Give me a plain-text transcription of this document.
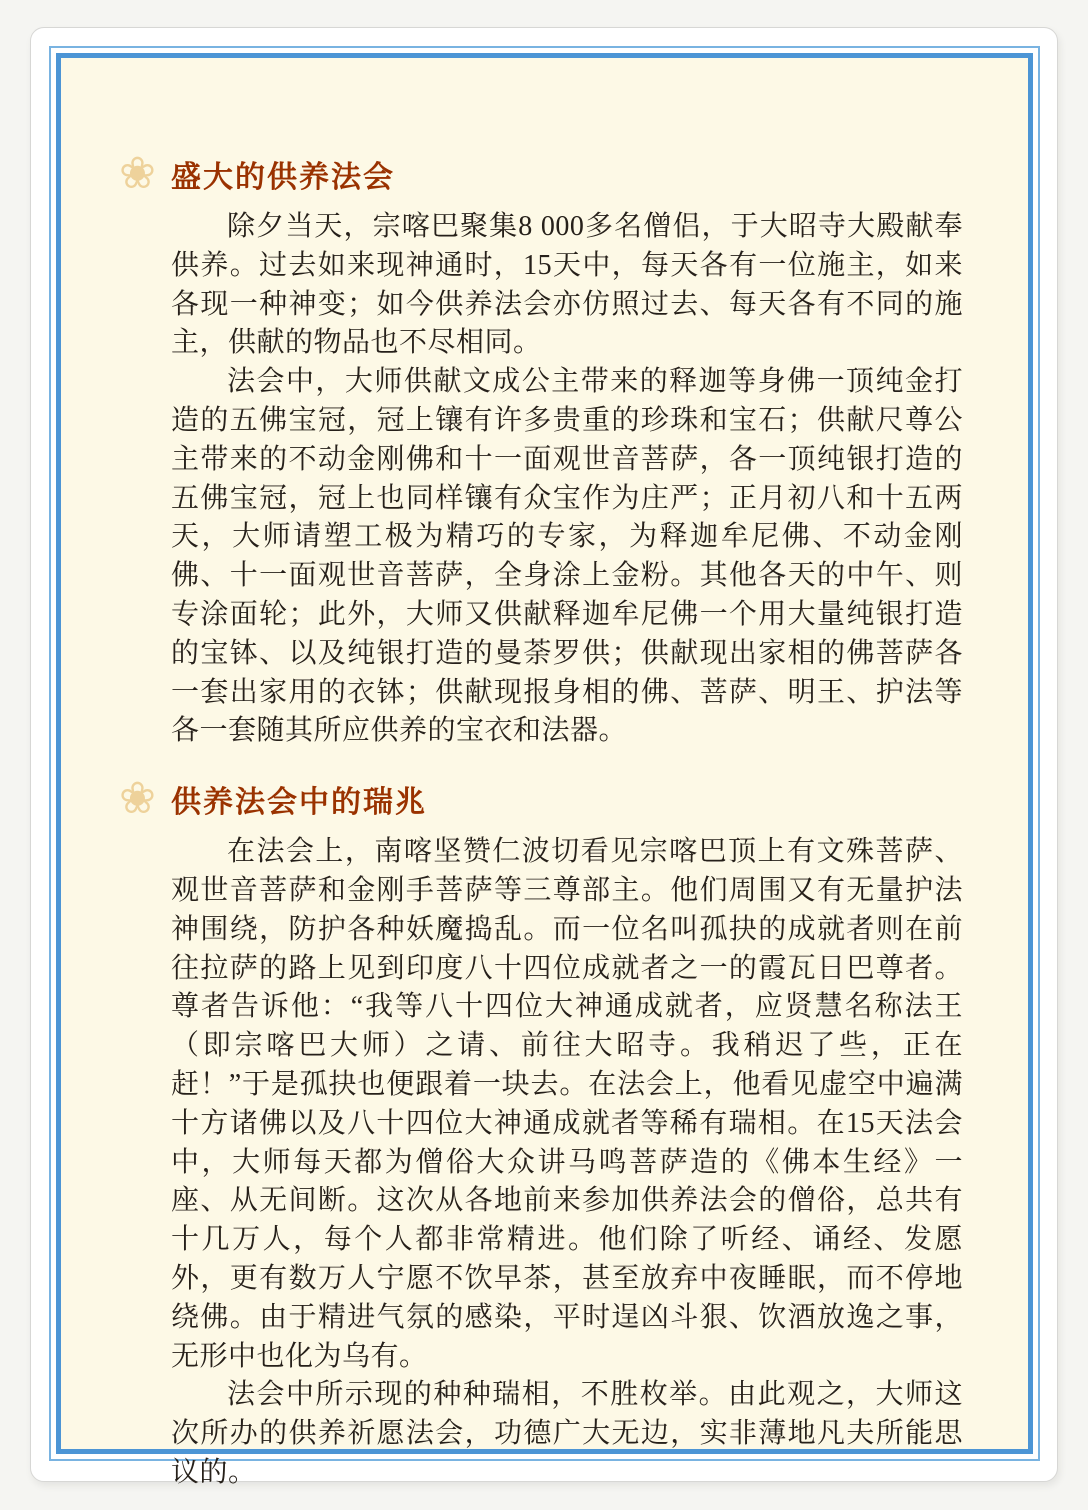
❀ 盛大的供养法会

除夕当天，宗喀巴聚集8 000多名僧侣，于大昭寺大殿献奉供养。过去如来现神通时，15天中，每天各有一位施主，如来各现一种神变；如今供养法会亦仿照过去、每天各有不同的施主，供献的物品也不尽相同。

法会中，大师供献文成公主带来的释迦等身佛一顶纯金打造的五佛宝冠，冠上镶有许多贵重的珍珠和宝石；供献尺尊公主带来的不动金刚佛和十一面观世音菩萨，各一顶纯银打造的五佛宝冠，冠上也同样镶有众宝作为庄严；正月初八和十五两天，大师请塑工极为精巧的专家，为释迦牟尼佛、不动金刚佛、十一面观世音菩萨，全身涂上金粉。其他各天的中午、则专涂面轮；此外，大师又供献释迦牟尼佛一个用大量纯银打造的宝钵、以及纯银打造的曼荼罗供；供献现出家相的佛菩萨各一套出家用的衣钵；供献现报身相的佛、菩萨、明王、护法等各一套随其所应供养的宝衣和法器。

❀ 供养法会中的瑞兆

在法会上，南喀坚赞仁波切看见宗喀巴顶上有文殊菩萨、观世音菩萨和金刚手菩萨等三尊部主。他们周围又有无量护法神围绕，防护各种妖魔捣乱。而一位名叫孤抉的成就者则在前往拉萨的路上见到印度八十四位成就者之一的霞瓦日巴尊者。尊者告诉他：“我等八十四位大神通成就者，应贤慧名称法王（即宗喀巴大师）之请、前往大昭寺。我稍迟了些，正在赶！”于是孤抉也便跟着一块去。在法会上，他看见虚空中遍满十方诸佛以及八十四位大神通成就者等稀有瑞相。在15天法会中，大师每天都为僧俗大众讲马鸣菩萨造的《佛本生经》一座、从无间断。这次从各地前来参加供养法会的僧俗，总共有十几万人，每个人都非常精进。他们除了听经、诵经、发愿外，更有数万人宁愿不饮早茶，甚至放弃中夜睡眠，而不停地绕佛。由于精进气氛的感染，平时逞凶斗狠、饮酒放逸之事，无形中也化为乌有。

法会中所示现的种种瑞相，不胜枚举。由此观之，大师这次所办的供养祈愿法会，功德广大无边，实非薄地凡夫所能思议的。
